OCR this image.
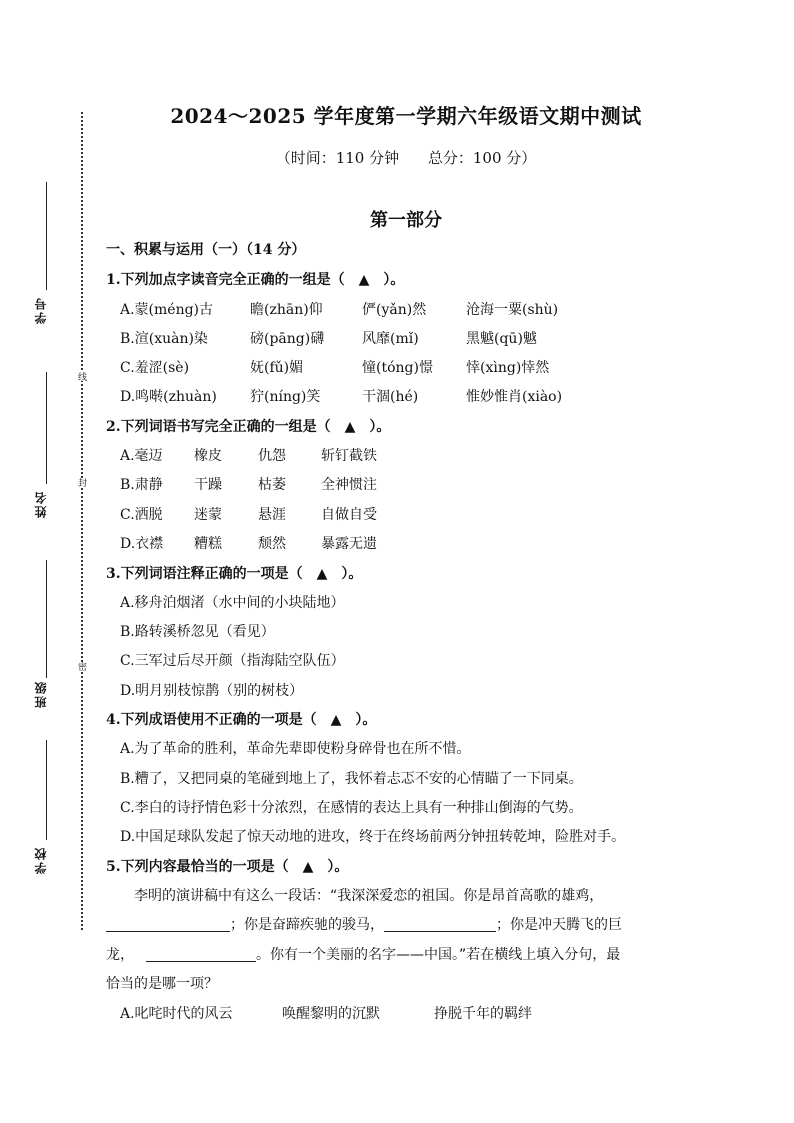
学号
姓名
班级
学校
线
封
密
2024～2025 学年度第一学期六年级语文期中测试
（时间：110 分钟 总分：100 分）
第一部分
一、积累与运用（一）（14 分）
1.下列加点字读音完全正确的一组是（　▲　）。
A.蒙(méng)古	瞻(zhān)仰	俨(yǎn)然	沧海一粟(shù)
B.渲(xuàn)染	磅(pāng)礴	风靡(mǐ)	黑魆(qū)魆
C.羞涩(sè)	妩(fǔ)媚	憧(tóng)憬 悻(xìng)悻然
D.鸣啭(zhuàn) 狞(níng)笑	干涸(hé)	惟妙惟肖(xiào)
2.下列词语书写完全正确的一组是（　▲　）。
A.毫迈 橡皮	仇怨	斩钉截铁
B.肃静 干躁	枯萎	全神惯注
C.洒脱 迷蒙	悬涯	自做自受
D.衣襟 糟糕	颓然	暴露无遗
3.下列词语注释正确的一项是（　▲　）。
A.移舟泊烟渚（水中间的小块陆地）
B.路转溪桥忽见（看见）
C.三军过后尽开颜（指海陆空队伍）
D.明月别枝惊鹊（别的树枝）
4.下列成语使用不正确的一项是（　▲　）。
A.为了革命的胜利，革命先辈即使粉身碎骨也在所不惜。
B.糟了，又把同桌的笔碰到地上了，我怀着忐忑不安的心情瞄了一下同桌。
C.李白的诗抒情色彩十分浓烈，在感情的表达上具有一种排山倒海的气势。
D.中国足球队发起了惊天动地的进攻，终于在终场前两分钟扭转乾坤，险胜对手。
5.下列内容最恰当的一项是（　▲　）。
李明的演讲稿中有这么一段话：“我深深爱恋的祖国。你是昂首高歌的雄鸡，
；你是奋蹄疾驰的骏马，	；你是冲天腾飞的巨
龙，	。你有一个美丽的名字——中国。”若在横线上填入分句，最
恰当的是哪一项？
A.叱咤时代的风云	唤醒黎明的沉默	挣脱千年的羁绊
